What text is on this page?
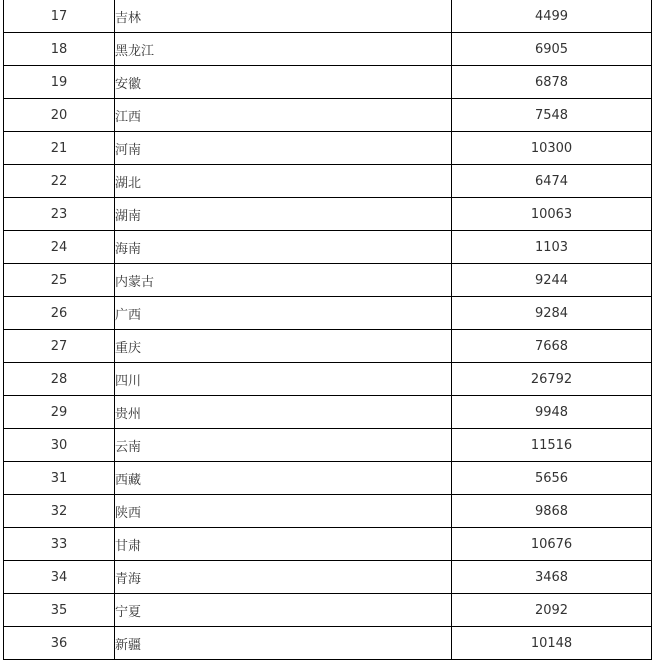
17	吉林	4499
18	黑龙江	6905
19	安徽	6878
20	江西	7548
21	河南	10300
22	湖北	6474
23	湖南	10063
24	海南	1103
25	内蒙古	9244
26	广西	9284
27	重庆	7668
28	四川	26792
29	贵州	9948
30	云南	11516
31	西藏	5656
32	陕西	9868
33	甘肃	10676
34	青海	3468
35	宁夏	2092
36	新疆	10148
